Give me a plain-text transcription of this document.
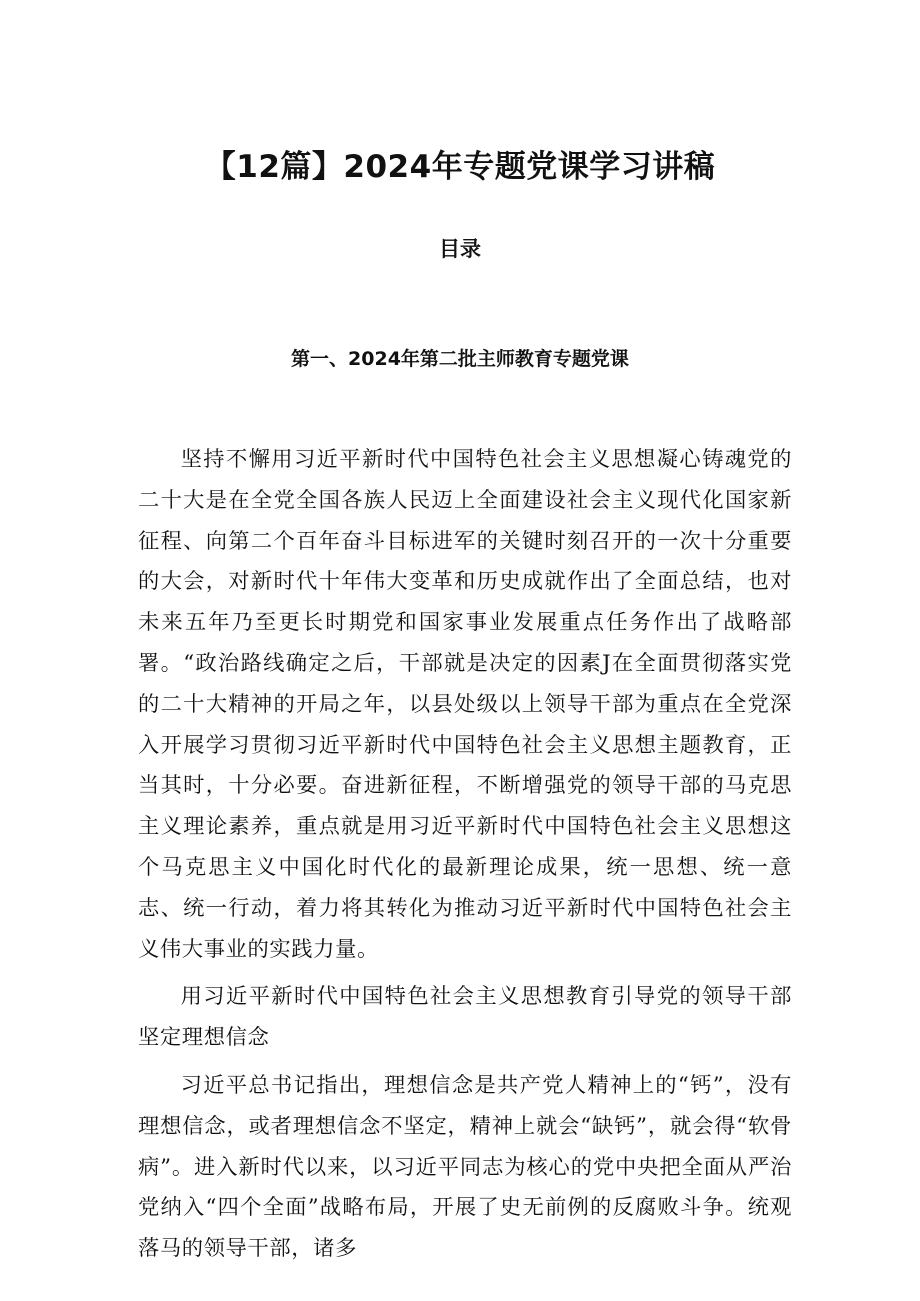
【12篇】2024年专题党课学习讲稿
目录
第一、2024年第二批主师教育专题党课

坚持不懈用习近平新时代中国特色社会主义思想凝心铸魂党的二十大是在全党全国各族人民迈上全面建设社会主义现代化国家新征程、向第二个百年奋斗目标进军的关键时刻召开的一次十分重要的大会，对新时代十年伟大变革和历史成就作出了全面总结，也对未来五年乃至更长时期党和国家事业发展重点任务作出了战略部署。“政治路线确定之后，干部就是决定的因素J在全面贯彻落实党的二十大精神的开局之年，以县处级以上领导干部为重点在全党深入开展学习贯彻习近平新时代中国特色社会主义思想主题教育，正当其时，十分必要。奋进新征程，不断增强党的领导干部的马克思主义理论素养，重点就是用习近平新时代中国特色社会主义思想这个马克思主义中国化时代化的最新理论成果，统一思想、统一意志、统一行动，着力将其转化为推动习近平新时代中国特色社会主义伟大事业的实践力量。

用习近平新时代中国特色社会主义思想教育引导党的领导干部坚定理想信念

习近平总书记指出，理想信念是共产党人精神上的“钙”，没有理想信念，或者理想信念不坚定，精神上就会“缺钙”，就会得“软骨病”。进入新时代以来，以习近平同志为核心的党中央把全面从严治党纳入“四个全面”战略布局，开展了史无前例的反腐败斗争。统观落马的领导干部，诸多
